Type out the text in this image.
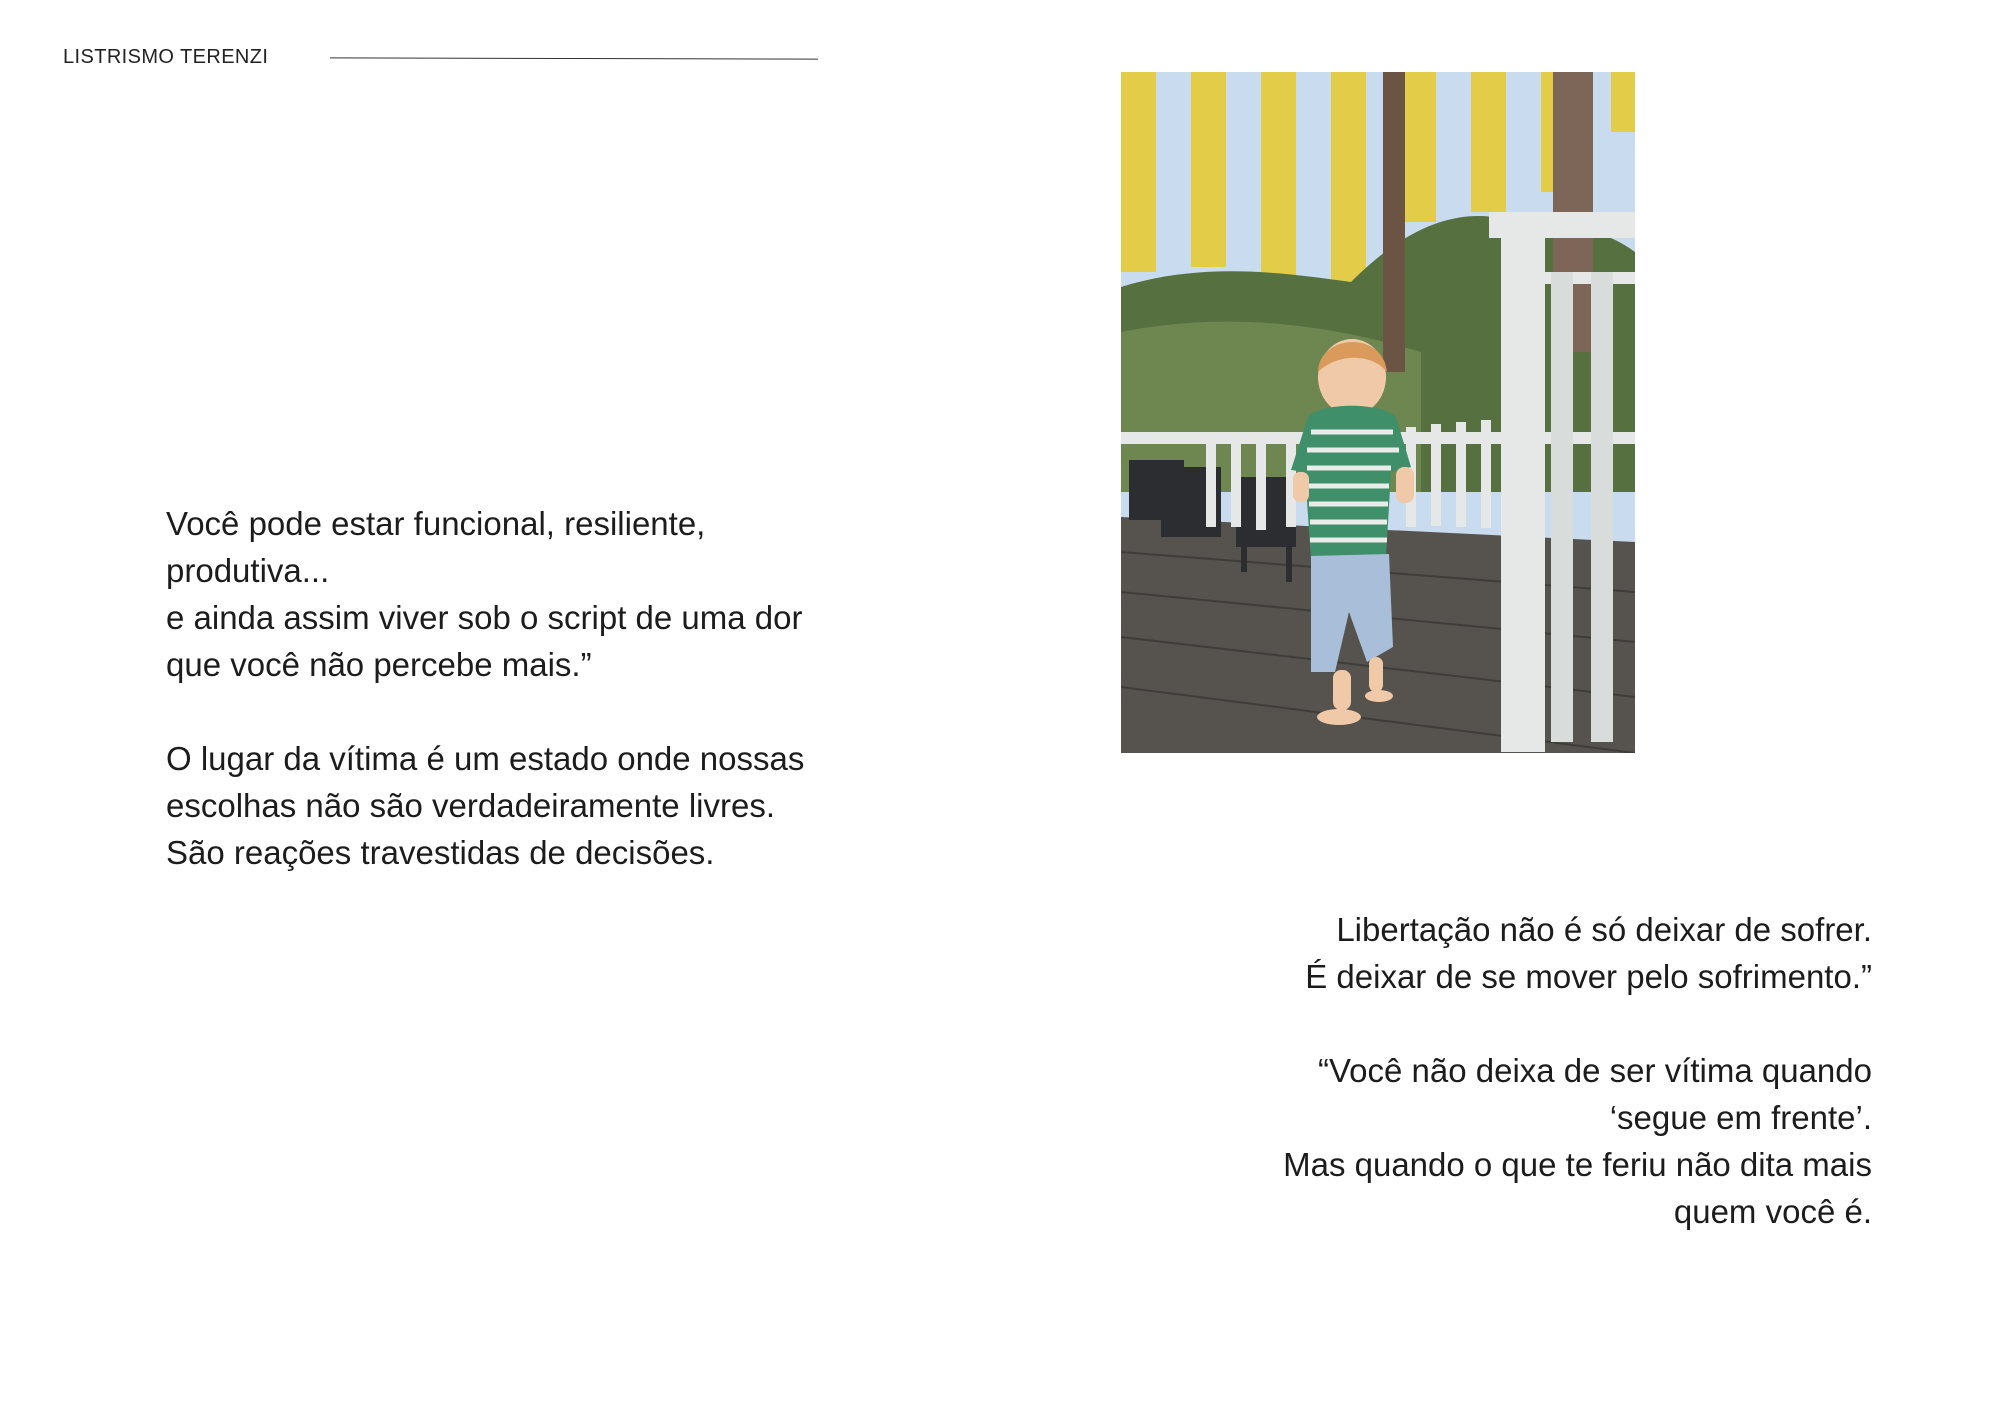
LISTRISMO TERENZI
Você pode estar funcional, resiliente,
produtiva...
e ainda assim viver sob o script de uma dor
que você não percebe mais.”
O lugar da vítima é um estado onde nossas
escolhas não são verdadeiramente livres.
São reações travestidas de decisões.
Libertação não é só deixar de sofrer.
É deixar de se mover pelo sofrimento.”
“Você não deixa de ser vítima quando
‘segue em frente’.
Mas quando o que te feriu não dita mais
quem você é.
